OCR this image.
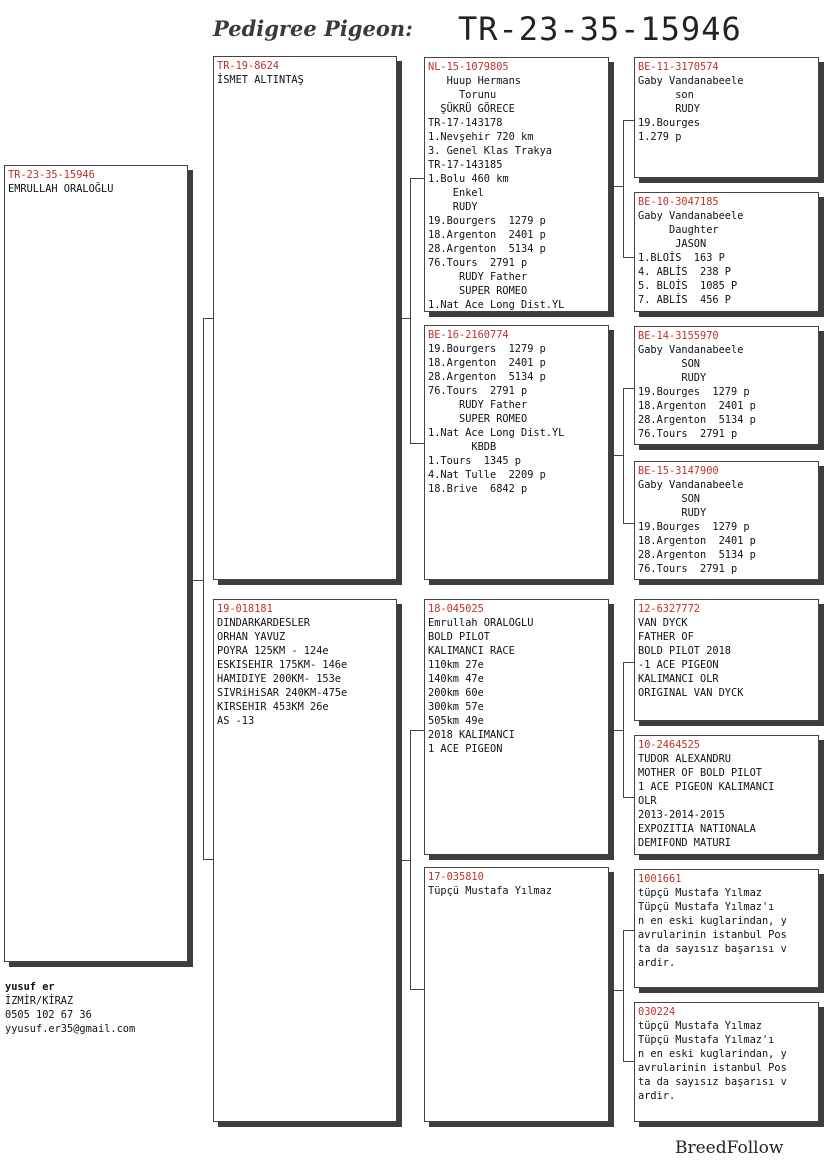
Pedigree Pigeon: TR-23-35-15946
TR-23-35-15946
EMRULLAH ORALOĞLU
TR-19-8624
İSMET ALTINTAŞ
19-018181
DINDARKARDESLER
ORHAN YAVUZ
POYRA 125KM - 124e
ESKISEHIR 175KM- 146e
HAMIDIYE 200KM- 153e
SIVRiHiSAR 240KM-475e
KIRSEHIR 453KM 26e
AS -13
NL-15-1079805
Huup Hermans
Torunu
ŞÜKRÜ GÖRECE
TR-17-143178
1.Nevşehir 720 km
3. Genel Klas Trakya
TR-17-143185
1.Bolu 460 km
Enkel
RUDY
19.Bourgers  1279 p
18.Argenton  2401 p
28.Argenton  5134 p
76.Tours  2791 p
RUDY Father
SUPER ROMEO
1.Nat Ace Long Dist.YL
BE-16-2160774
19.Bourgers  1279 p
18.Argenton  2401 p
28.Argenton  5134 p
76.Tours  2791 p
RUDY Father
SUPER ROMEO
1.Nat Ace Long Dist.YL
KBDB
1.Tours  1345 p
4.Nat Tulle  2209 p
18.Brive  6842 p
18-045025
Emrullah ORALOGLU
BOLD PILOT
KALIMANCI RACE
110km 27e
140km 47e
200km 60e
300km 57e
505km 49e
2018 KALIMANCI
1 ACE PIGEON
17-035810
Tüpçü Mustafa Yılmaz
BE-11-3170574
Gaby Vandanabeele
son
RUDY
19.Bourges
1.279 p
BE-10-3047185
Gaby Vandanabeele
Daughter
JASON
1.BLOİS  163 P
4. ABLİS  238 P
5. BLOİS  1085 P
7. ABLİS  456 P
BE-14-3155970
Gaby Vandanabeele
SON
RUDY
19.Bourges  1279 p
18.Argenton  2401 p
28.Argenton  5134 p
76.Tours  2791 p
BE-15-3147900
Gaby Vandanabeele
SON
RUDY
19.Bourges  1279 p
18.Argenton  2401 p
28.Argenton  5134 p
76.Tours  2791 p
12-6327772
VAN DYCK
FATHER OF
BOLD PILOT 2018
-1 ACE PIGEON
KALIMANCI OLR
ORIGINAL VAN DYCK
10-2464525
TUDOR ALEXANDRU
MOTHER OF BOLD PILOT
1 ACE PIGEON KALIMANCI
OLR
2013-2014-2015
EXPOZITIA NATIONALA
DEMIFOND MATURI
1001661
tüpçü Mustafa Yılmaz
Tüpçü Mustafa Yılmaz'ı
n en eski kuglarindan, y
avrularinin istanbul Pos
ta da sayısız başarısı v
ardir.
030224
tüpçü Mustafa Yılmaz
Tüpçü Mustafa Yılmaz'ı
n en eski kuglarindan, y
avrularinin istanbul Pos
ta da sayısız başarısı v
ardir.
yusuf er
İZMİR/KİRAZ
0505 102 67 36
yyusuf.er35@gmail.com
BreedFollow
